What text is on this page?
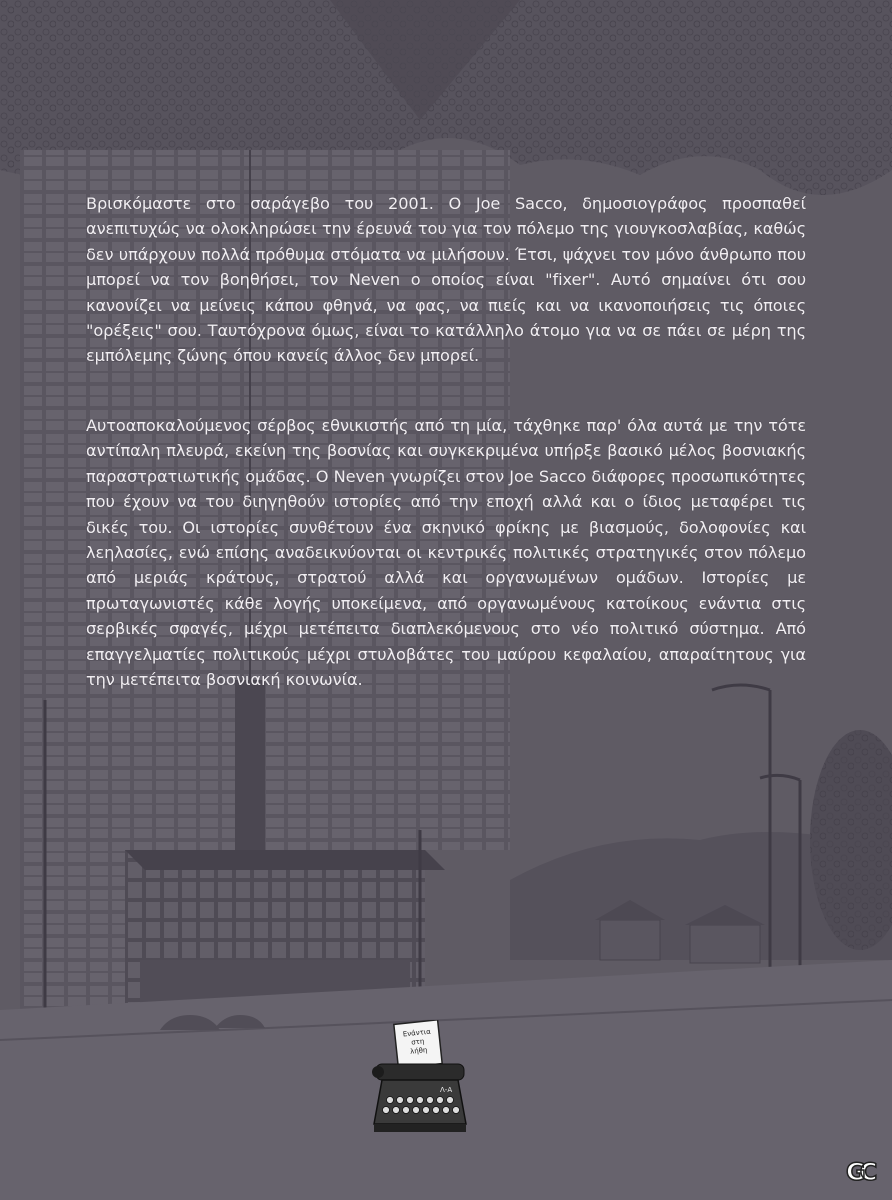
Βρισκόμαστε στο σαράγεβο του 2001. Ο Joe Sacco, δημοσιογράφος προσπαθεί ανεπιτυχώς να ολοκληρώσει την έρευνά του για τον πόλεμο της γιουγκοσλαβίας, καθώς δεν υπάρχουν πολλά πρόθυμα στόματα να μιλήσουν. Έτσι, ψάχνει τον μόνο άνθρωπο που μπορεί να τον βοηθήσει, τον Neven ο οποίος είναι "fixer". Αυτό σημαίνει ότι σου κανονίζει να μείνεις κάπου φθηνά, να φας, να πιείς και να ικανοποιήσεις τις όποιες "ορέξεις" σου. Ταυτόχρονα όμως, είναι το κατάλληλο άτομο για να σε πάει σε μέρη της εμπόλεμης ζώνης όπου κανείς άλλος δεν μπορεί.
Αυτοαποκαλούμενος σέρβος εθνικιστής από τη μία, τάχθηκε παρ' όλα αυτά με την τότε αντίπαλη πλευρά, εκείνη της βοσνίας και συγκεκριμένα υπήρξε βασικό μέλος βοσνιακής παραστρατιωτικής ομάδας. Ο Neven γνωρίζει στον Joe Sacco διάφορες προσωπικότητες που έχουν να του διηγηθούν ιστορίες από την εποχή αλλά και ο ίδιος μεταφέρει τις δικές του. Οι ιστορίες συνθέτουν ένα σκηνικό φρίκης με βιασμούς, δολοφονίες και λεηλασίες, ενώ επίσης αναδεικνύονται οι κεντρικές πολιτικές στρατηγικές στον πόλεμο από μεριάς κράτους, στρατού αλλά και οργανωμένων ομάδων. Ιστορίες με πρωταγωνιστές κάθε λογής υποκείμενα, από οργανωμένους κατοίκους ενάντια στις σερβικές σφαγές, μέχρι μετέπειτα διαπλεκόμενους στο νέο πολιτικό σύστημα. Από επαγγελματίες πολιτικούς μέχρι στυλοβάτες του μαύρου κεφαλαίου, απαραίτητους για την μετέπειτα βοσνιακή κοινωνία.
Ενάντια
στη
λήθη
Λ-Α
GC
